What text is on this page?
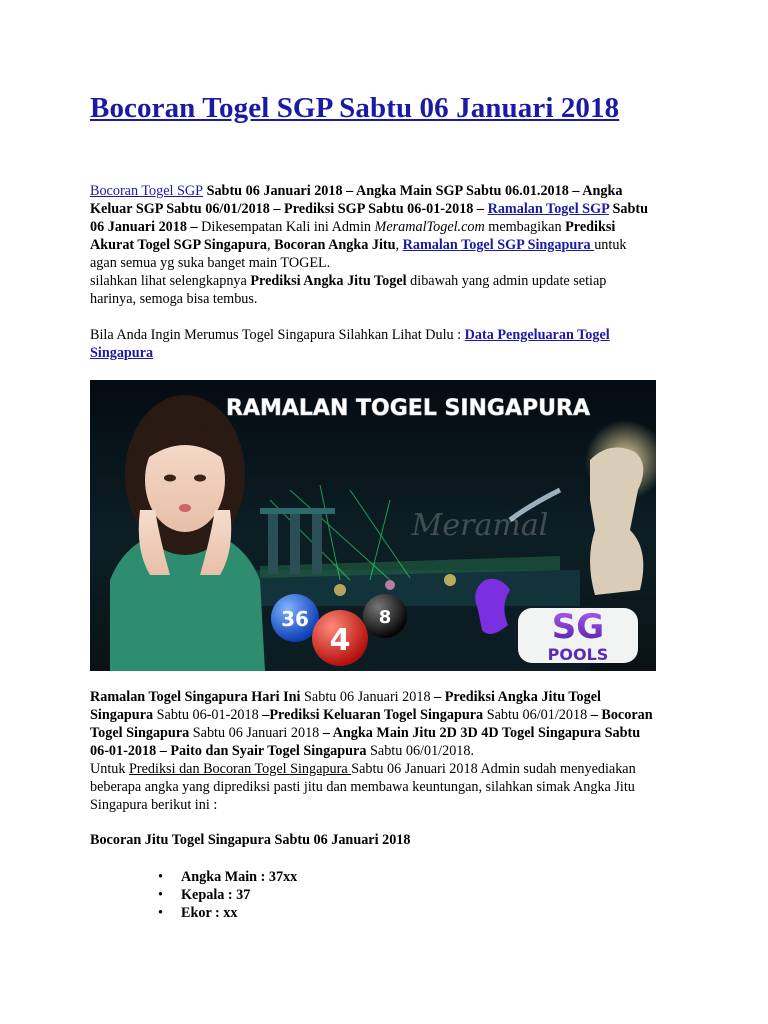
Bocoran Togel SGP Sabtu 06 Januari 2018
Bocoran Togel SGP Sabtu 06 Januari 2018 – Angka Main SGP Sabtu 06.01.2018 – Angka Keluar SGP Sabtu 06/01/2018 – Prediksi SGP Sabtu 06-01-2018 – Ramalan Togel SGP Sabtu 06 Januari 2018 – Dikesempatan Kali ini Admin MeramalTogel.com membagikan Prediksi Akurat Togel SGP Singapura, Bocoran Angka Jitu, Ramalan Togel SGP Singapura untuk agan semua yg suka banget main TOGEL.
silahkan lihat selengkapnya Prediksi Angka Jitu Togel dibawah yang admin update setiap harinya, semoga bisa tembus.
Bila Anda Ingin Merumus Togel Singapura Silahkan Lihat Dulu : Data Pengeluaran Togel Singapura
RAMALAN TOGEL SINGAPURA
Meramal
36	8
4	SG
POOLS
Ramalan Togel Singapura Hari Ini Sabtu 06 Januari 2018 – Prediksi Angka Jitu Togel Singapura Sabtu 06-01-2018 –Prediksi Keluaran Togel Singapura Sabtu 06/01/2018 – Bocoran Togel Singapura Sabtu 06 Januari 2018 – Angka Main Jitu 2D 3D 4D Togel Singapura Sabtu 06-01-2018 – Paito dan Syair Togel Singapura Sabtu 06/01/2018.
Untuk Prediksi dan Bocoran Togel Singapura Sabtu 06 Januari 2018 Admin sudah menyediakan beberapa angka yang diprediksi pasti jitu dan membawa keuntungan, silahkan simak Angka Jitu Singapura berikut ini :
Bocoran Jitu Togel Singapura Sabtu 06 Januari 2018
• Angka Main : 37xx
• Kepala : 37
• Ekor : xx
